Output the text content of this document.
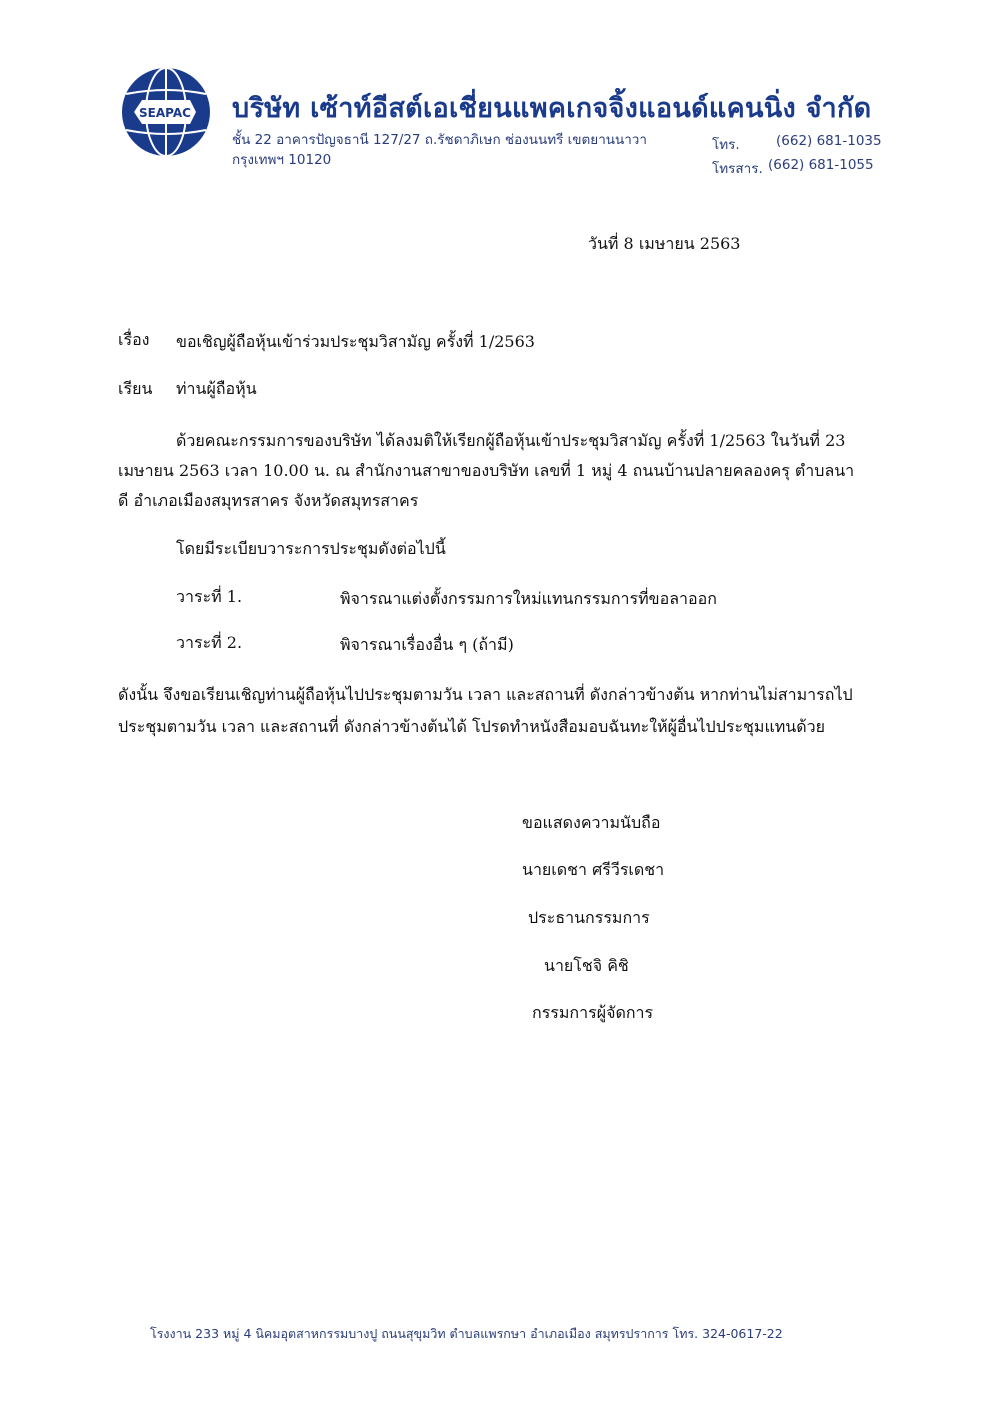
SEAPAC บริษัท เซ้าท์อีสต์เอเชี่ยนแพคเกจจิ้งแอนด์แคนนิ่ง จำกัด
ชั้น 22 อาคารปัญจธานี 127/27 ถ.รัชดาภิเษก ช่องนนทรี เขตยานนาวา
กรุงเทพฯ 10120
โทร.	(662) 681-1035
โทรสาร. (662) 681-1055
วันที่ 8 เมษายน 2563
เรื่อง ขอเชิญผู้ถือหุ้นเข้าร่วมประชุมวิสามัญ ครั้งที่ 1/2563
เรียน ท่านผู้ถือหุ้น
ด้วยคณะกรรมการของบริษัท ได้ลงมติให้เรียกผู้ถือหุ้นเข้าประชุมวิสามัญ ครั้งที่ 1/2563 ในวันที่ 23
เมษายน 2563 เวลา 10.00 น. ณ สำนักงานสาขาของบริษัท เลขที่ 1 หมู่ 4 ถนนบ้านปลายคลองครุ ตำบลนา
ดี อำเภอเมืองสมุทรสาคร จังหวัดสมุทรสาคร
โดยมีระเบียบวาระการประชุมดังต่อไปนี้
วาระที่ 1.	พิจารณาแต่งตั้งกรรมการใหม่แทนกรรมการที่ขอลาออก
วาระที่ 2.	พิจารณาเรื่องอื่น ๆ (ถ้ามี)
ดังนั้น จึงขอเรียนเชิญท่านผู้ถือหุ้นไปประชุมตามวัน เวลา และสถานที่ ดังกล่าวข้างต้น หากท่านไม่สามารถไป
ประชุมตามวัน เวลา และสถานที่ ดังกล่าวข้างต้นได้ โปรดทำหนังสือมอบฉันทะให้ผู้อื่นไปประชุมแทนด้วย
ขอแสดงความนับถือ
นายเดชา ศรีวีรเดชา
ประธานกรรมการ
นายโชจิ คิชิ
กรรมการผู้จัดการ
โรงงาน 233 หมู่ 4 นิคมอุตสาหกรรมบางปู ถนนสุขุมวิท ตำบลแพรกษา อำเภอเมือง สมุทรปราการ โทร. 324-0617-22
